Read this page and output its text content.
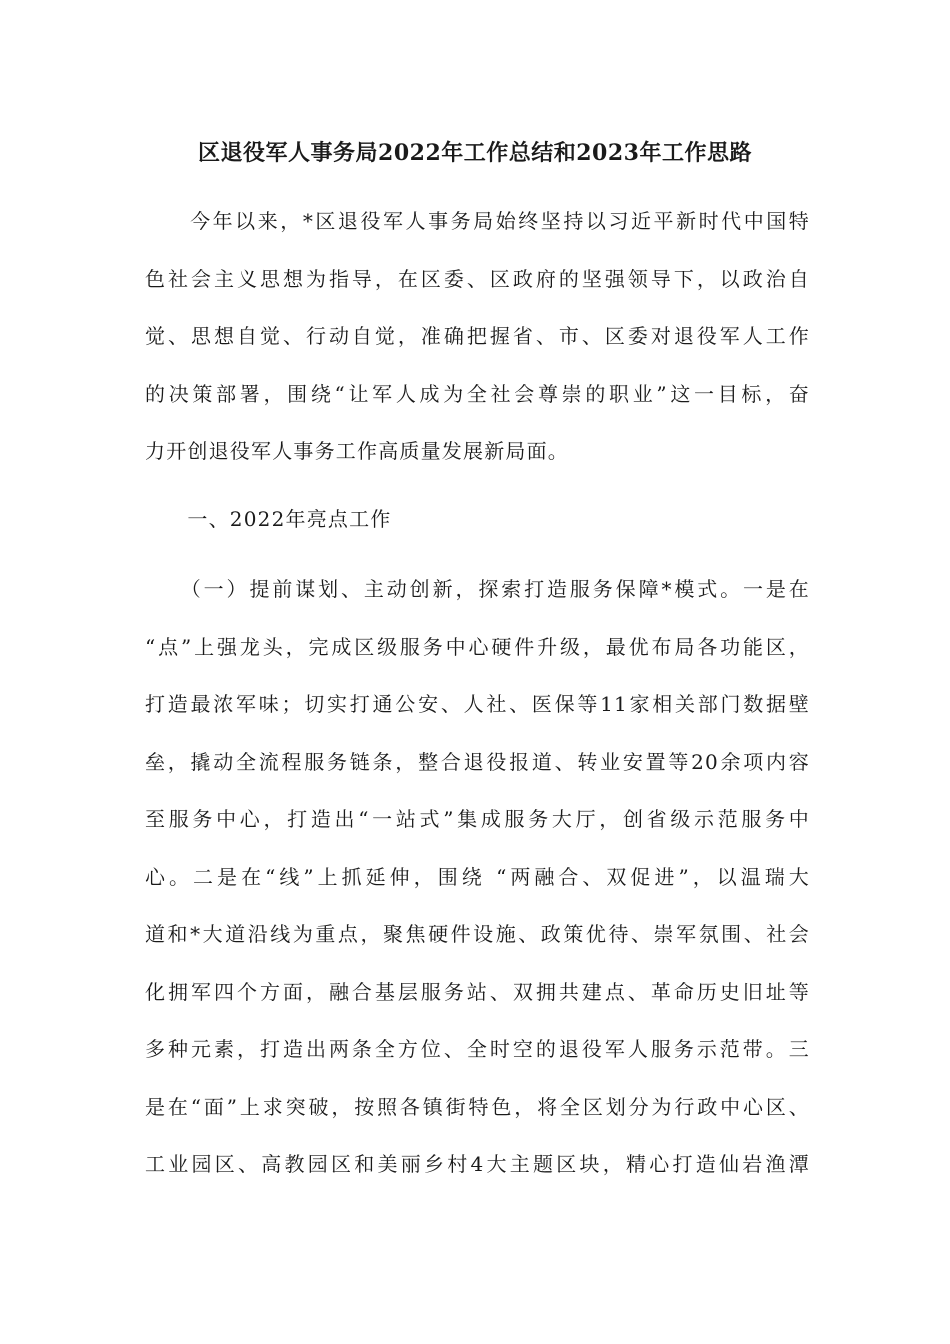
区退役军人事务局2022年工作总结和2023年工作思路
　　今年以来，*区退役军人事务局始终坚持以习近平新时代中国特
色社会主义思想为指导，在区委、区政府的坚强领导下，以政治自
觉、思想自觉、行动自觉，准确把握省、市、区委对退役军人工作
的决策部署，围绕“让军人成为全社会尊崇的职业”这一目标，奋
力开创退役军人事务工作高质量发展新局面。
　　一、2022年亮点工作
　　（一）提前谋划、主动创新，探索打造服务保障*模式。一是在
“点”上强龙头，完成区级服务中心硬件升级，最优布局各功能区，
打造最浓军味；切实打通公安、人社、医保等11家相关部门数据壁
垒，撬动全流程服务链条，整合退役报道、转业安置等20余项内容
至服务中心，打造出“一站式”集成服务大厅，创省级示范服务中
心。二是在“线”上抓延伸，围绕 “两融合、双促进”，以温瑞大
道和*大道沿线为重点，聚焦硬件设施、政策优待、崇军氛围、社会
化拥军四个方面，融合基层服务站、双拥共建点、革命历史旧址等
多种元素，打造出两条全方位、全时空的退役军人服务示范带。三
是在“面”上求突破，按照各镇街特色，将全区划分为行政中心区、
工业园区、高教园区和美丽乡村4大主题区块，精心打造仙岩渔潭
